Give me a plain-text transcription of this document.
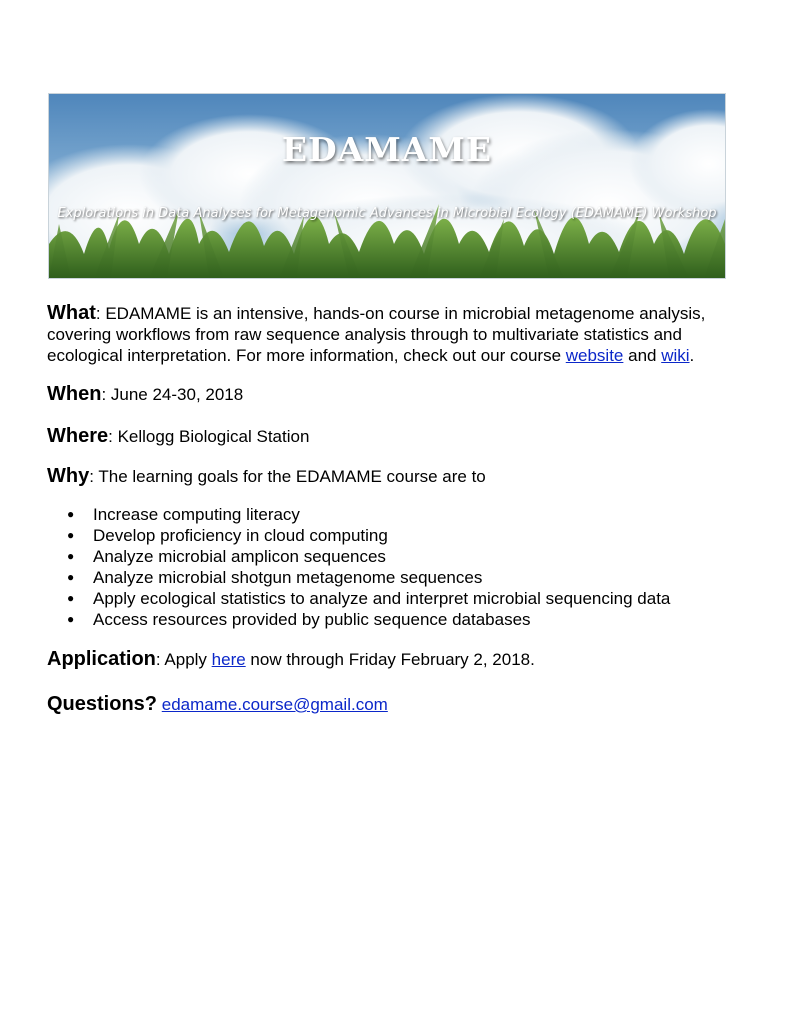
EDAMAME

Explorations in Data Analyses for Metagenomic Advances in Microbial Ecology (EDAMAME) Workshop

What: EDAMAME is an intensive, hands-on course in microbial metagenome analysis, covering workflows from raw sequence analysis through to multivariate statistics and ecological interpretation. For more information, check out our course website and wiki.

When: June 24-30, 2018

Where: Kellogg Biological Station

Why: The learning goals for the EDAMAME course are to

● Increase computing literacy
● Develop proficiency in cloud computing
● Analyze microbial amplicon sequences
● Analyze microbial shotgun metagenome sequences
● Apply ecological statistics to analyze and interpret microbial sequencing data
● Access resources provided by public sequence databases

Application: Apply here now through Friday February 2, 2018.

Questions? edamame.course@gmail.com
